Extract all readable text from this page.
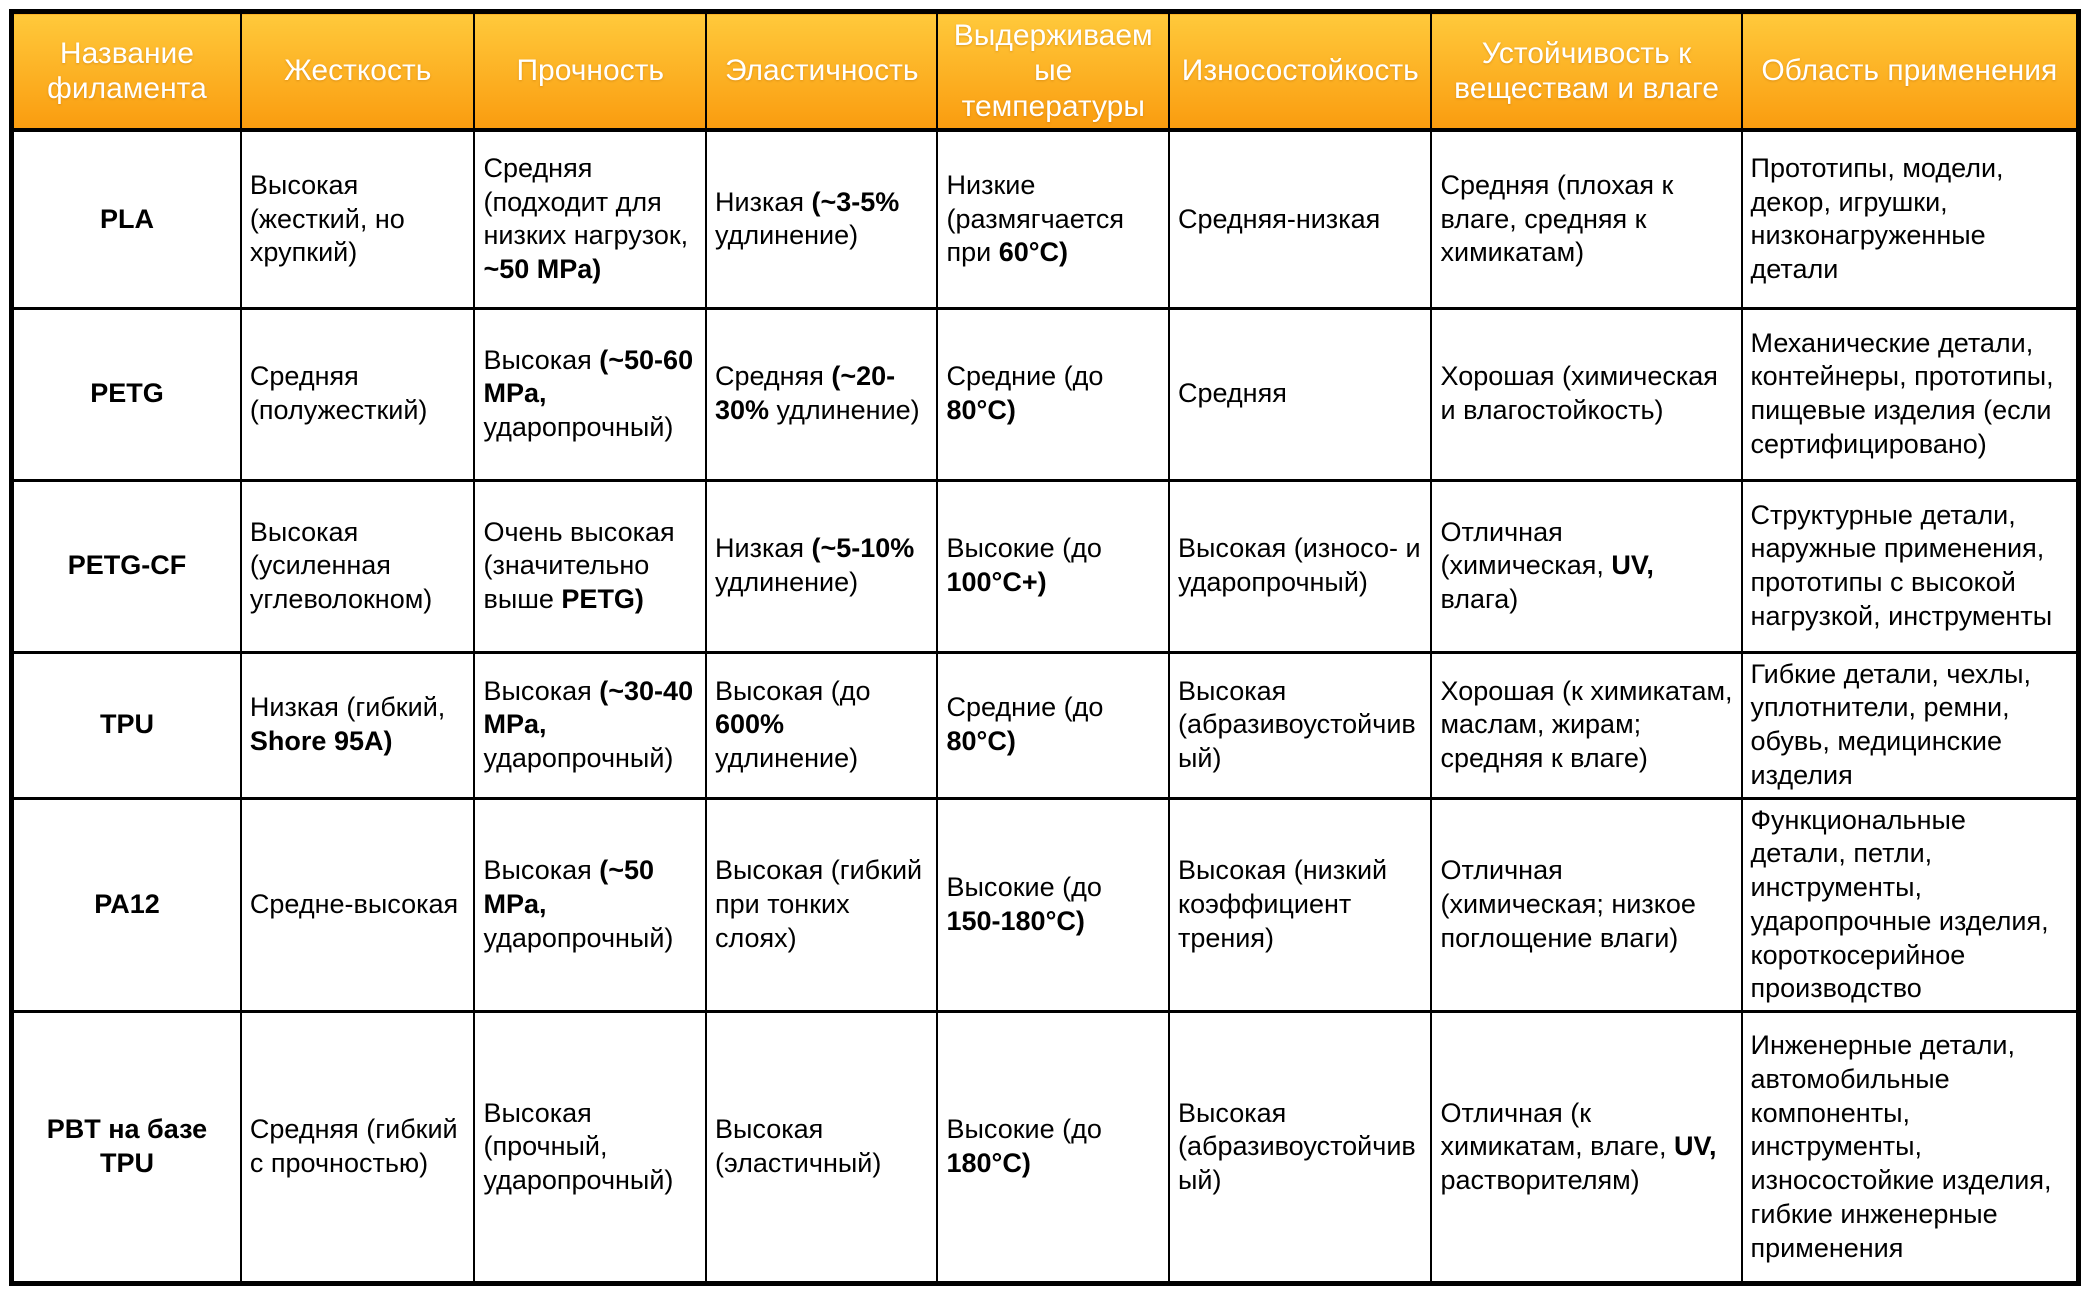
Название филамента	Жесткость	Прочность	Эластичность	Выдерживаемые температуры	Износостойкость	Устойчивость к веществам и влаге	Область применения
PLA	Высокая (жесткий, но хрупкий)	Средняя (подходит для низких нагрузок, ~50 MPa)	Низкая (~3-5% удлинение)	Низкие (размягчается при 60°C)	Средняя-низкая	Средняя (плохая к влаге, средняя к химикатам)	Прототипы, модели, декор, игрушки, низконагруженные детали
PETG	Средняя (полужесткий)	Высокая (~50-60 MPa, ударопрочный)	Средняя (~20-30% удлинение)	Средние (до 80°C)	Средняя	Хорошая (химическая и влагостойкость)	Механические детали, контейнеры, прототипы, пищевые изделия (если сертифицировано)
PETG-CF	Высокая (усиленная углеволокном)	Очень высокая (значительно выше PETG)	Низкая (~5-10% удлинение)	Высокие (до 100°C+)	Высокая (износо- и ударопрочный)	Отличная (химическая, UV, влага)	Структурные детали, наружные применения, прототипы с высокой нагрузкой, инструменты
TPU	Низкая (гибкий, Shore 95A)	Высокая (~30-40 MPa, ударопрочный)	Высокая (до 600% удлинение)	Средние (до 80°C)	Высокая (абразивоустойчивый)	Хорошая (к химикатам, маслам, жирам; средняя к влаге)	Гибкие детали, чехлы, уплотнители, ремни, обувь, медицинские изделия
PA12	Средне-высокая	Высокая (~50 MPa, ударопрочный)	Высокая (гибкий при тонких слоях)	Высокие (до 150-180°C)	Высокая (низкий коэффициент трения)	Отличная (химическая; низкое поглощение влаги)	Функциональные детали, петли, инструменты, ударопрочные изделия, короткосерийное производство
PBT на базе TPU	Средняя (гибкий с прочностью)	Высокая (прочный, ударопрочный)	Высокая (эластичный)	Высокие (до 180°C)	Высокая (абразивоустойчивый)	Отличная (к химикатам, влаге, UV, растворителям)	Инженерные детали, автомобильные компоненты, инструменты, износостойкие изделия, гибкие инженерные применения
